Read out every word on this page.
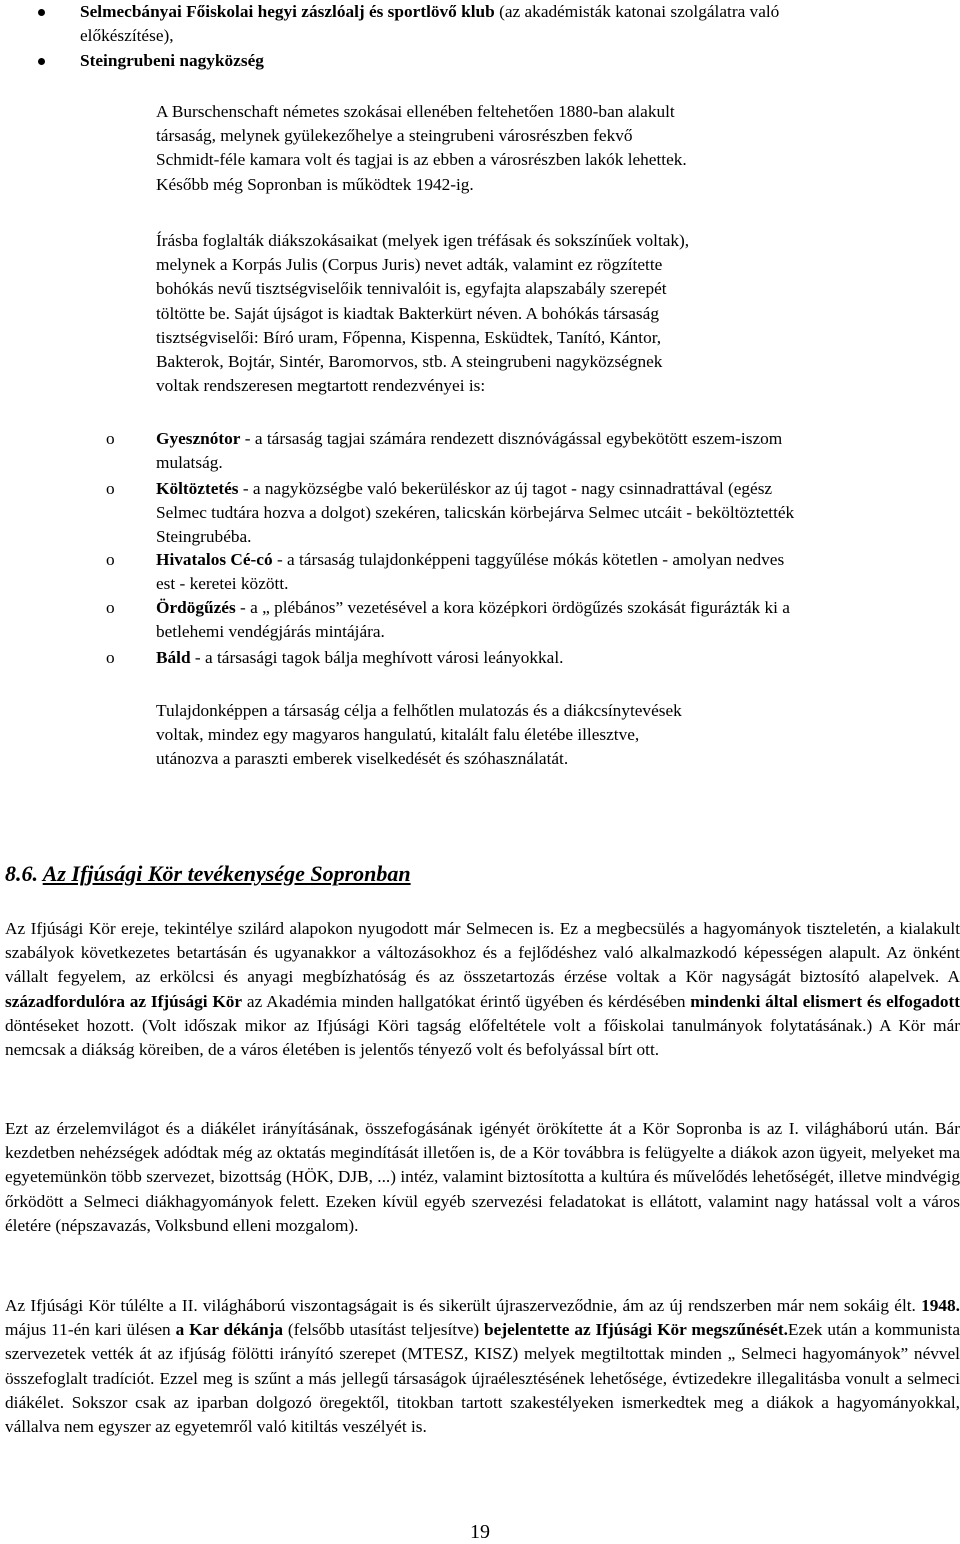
Selmecbányai Főiskolai hegyi zászlóalj és sportlövő klub (az akadémisták katonai szolgálatra való
előkészítése),
Steingrubeni nagyközség
A Burschenschaft németes szokásai ellenében feltehetően 1880-ban alakult
társaság, melynek gyülekezőhelye a steingrubeni városrészben fekvő
Schmidt-féle kamara volt és tagjai is az ebben a városrészben lakók lehettek.
Később még Sopronban is működtek 1942-ig.
Írásba foglalták diákszokásaikat (melyek igen tréfásak és sokszínűek voltak),
melynek a Korpás Julis (Corpus Juris) nevet adták, valamint ez rögzítette
bohókás nevű tisztségviselőik tennivalóit is, egyfajta alapszabály szerepét
töltötte be. Saját újságot is kiadtak Bakterkürt néven. A bohókás társaság
tisztségviselői: Bíró uram, Főpenna, Kispenna, Esküdtek, Tanító, Kántor,
Bakterok, Bojtár, Sintér, Baromorvos, stb. A steingrubeni nagyközségnek
voltak rendszeresen megtartott rendezvényei is:
o Gyesznótor - a társaság tagjai számára rendezett disznóvágással egybekötött eszem-iszom
mulatság.
o Költöztetés - a nagyközségbe való bekerüléskor az új tagot - nagy csinnadrattával (egész
Selmec tudtára hozva a dolgot) szekéren, talicskán körbejárva Selmec utcáit - beköltöztették
Steingrubéba.
o Hivatalos Cé-có - a társaság tulajdonképpeni taggyűlése mókás kötetlen - amolyan nedves
est - keretei között.
o Ördögűzés - a „ plébános” vezetésével a kora középkori ördögűzés szokását figurázták ki a
betlehemi vendégjárás mintájára.
o Báld - a társasági tagok bálja meghívott városi leányokkal.
Tulajdonképpen a társaság célja a felhőtlen mulatozás és a diákcsínytevések
voltak, mindez egy magyaros hangulatú, kitalált falu életébe illesztve,
utánozva a paraszti emberek viselkedését és szóhasználatát.
8.6. Az Ifjúsági Kör tevékenysége Sopronban
Az Ifjúsági Kör ereje, tekintélye szilárd alapokon nyugodott már Selmecen is. Ez a megbecsülés a hagyományok tiszteletén, a kialakult szabályok következetes betartásán és ugyanakkor a változásokhoz és a fejlődéshez való alkalmazkodó képességen alapult. Az önként vállalt fegyelem, az erkölcsi és anyagi megbízhatóság és az összetartozás érzése voltak a Kör nagyságát biztosító alapelvek. A századfordulóra az Ifjúsági Kör az Akadémia minden hallgatókat érintő ügyében és kérdésében mindenki által elismert és elfogadott döntéseket hozott. (Volt időszak mikor az Ifjúsági Köri tagság előfeltétele volt a főiskolai tanulmányok folytatásának.) A Kör már nemcsak a diákság köreiben, de a város életében is jelentős tényező volt és befolyással bírt ott.
Ezt az érzelemvilágot és a diákélet irányításának, összefogásának igényét örökítette át a Kör Sopronba is az I. világháború után. Bár kezdetben nehézségek adódtak még az oktatás megindítását illetően is, de a Kör továbbra is felügyelte a diákok azon ügyeit, melyeket ma egyetemünkön több szervezet, bizottság (HÖK, DJB, ...) intéz, valamint biztosította a kultúra és művelődés lehetőségét, illetve mindvégig őrködött a Selmeci diákhagyományok felett. Ezeken kívül egyéb szervezési feladatokat is ellátott, valamint nagy hatással volt a város életére (népszavazás, Volksbund elleni mozgalom).
Az Ifjúsági Kör túlélte a II. világháború viszontagságait is és sikerült újraszerveződnie, ám az új rendszerben már nem sokáig élt. 1948. május 11-én kari ülésen a Kar dékánja (felsőbb utasítást teljesítve) bejelentette az Ifjúsági Kör megszűnését.Ezek után a kommunista szervezetek vették át az ifjúság fölötti irányító szerepet (MTESZ, KISZ) melyek megtiltottak minden „ Selmeci hagyományok” névvel összefoglalt tradíciót. Ezzel meg is szűnt a más jellegű társaságok újraélesztésének lehetősége, évtizedekre illegalitásba vonult a selmeci diákélet. Sokszor csak az iparban dolgozó öregektől, titokban tartott szakestélyeken ismerkedtek meg a diákok a hagyományokkal, vállalva nem egyszer az egyetemről való kitiltás veszélyét is.
19
